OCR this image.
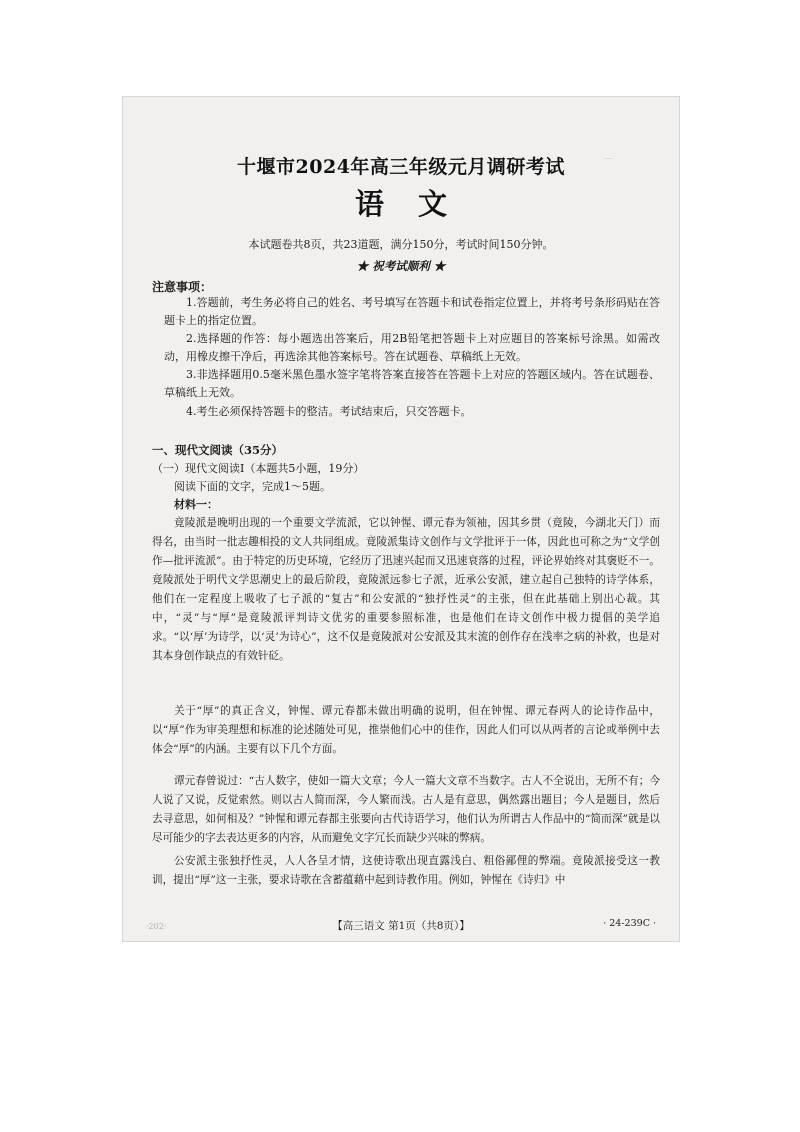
—
十堰市2024年高三年级元月调研考试
语文
本试题卷共8页，共23道题，满分150分，考试时间150分钟。
★ 祝考试顺利 ★
注意事项：
1.答题前，考生务必将自己的姓名、考号填写在答题卡和试卷指定位置上，并将考号条形码贴在答题卡上的指定位置。
2.选择题的作答：每小题选出答案后，用2B铅笔把答题卡上对应题目的答案标号涂黑。如需改动，用橡皮擦干净后，再选涂其他答案标号。答在试题卷、草稿纸上无效。
3.非选择题用0.5毫米黑色墨水签字笔将答案直接答在答题卡上对应的答题区域内。答在试题卷、草稿纸上无效。
4.考生必须保持答题卡的整洁。考试结束后，只交答题卡。
一、现代文阅读（35分）
（一）现代文阅读Ⅰ（本题共5小题，19分）
阅读下面的文字，完成1～5题。
材料一：
竟陵派是晚明出现的一个重要文学流派，它以钟惺、谭元春为领袖，因其乡贯（竟陵，今湖北天门）而得名，由当时一批志趣相投的文人共同组成。竟陵派集诗文创作与文学批评于一体，因此也可称之为“文学创作—批评流派”。由于特定的历史环境，它经历了迅速兴起而又迅速衰落的过程，评论界始终对其褒贬不一。竟陵派处于明代文学思潮史上的最后阶段，竟陵派远参七子派，近承公安派，建立起自己独特的诗学体系，他们在一定程度上吸收了七子派的“复古”和公安派的“独抒性灵”的主张，但在此基础上别出心裁。其中，“灵”与“厚”是竟陵派评判诗文优劣的重要参照标准，也是他们在诗文创作中极力提倡的美学追求。“以‘厚’为诗学，以‘灵’为诗心”，这不仅是竟陵派对公安派及其末流的创作存在浅率之病的补救，也是对其本身创作缺点的有效针砭。
关于“厚”的真正含义，钟惺、谭元春都未做出明确的说明，但在钟惺、谭元春两人的论诗作品中，以“厚”作为审美理想和标准的论述随处可见，推崇他们心中的佳作，因此人们可以从两者的言论或举例中去体会“厚”的内涵。主要有以下几个方面。
谭元春曾说过：“古人数字，使如一篇大文章；今人一篇大文章不当数字。古人不全说出，无所不有；今人说了又说，反觉索然。则以古人简而深，今人繁而浅。古人是有意思，偶然露出题目；今人是题目，然后去寻意思，如何相及？”钟惺和谭元春都主张要向古代诗语学习，他们认为所谓古人作品中的“简而深”就是以尽可能少的字去表达更多的内容，从而避免文字冗长而缺少兴味的弊病。
公安派主张独抒性灵，人人各呈才情，这使诗歌出现直露浅白、粗俗鄙俚的弊端。竟陵派接受这一教训，提出“厚”这一主张，要求诗歌在含蓄蕴藉中起到诗教作用。例如，钟惺在《诗归》中
·202·	【高三语文 第1页（共8页）】	· 24-239C ·
